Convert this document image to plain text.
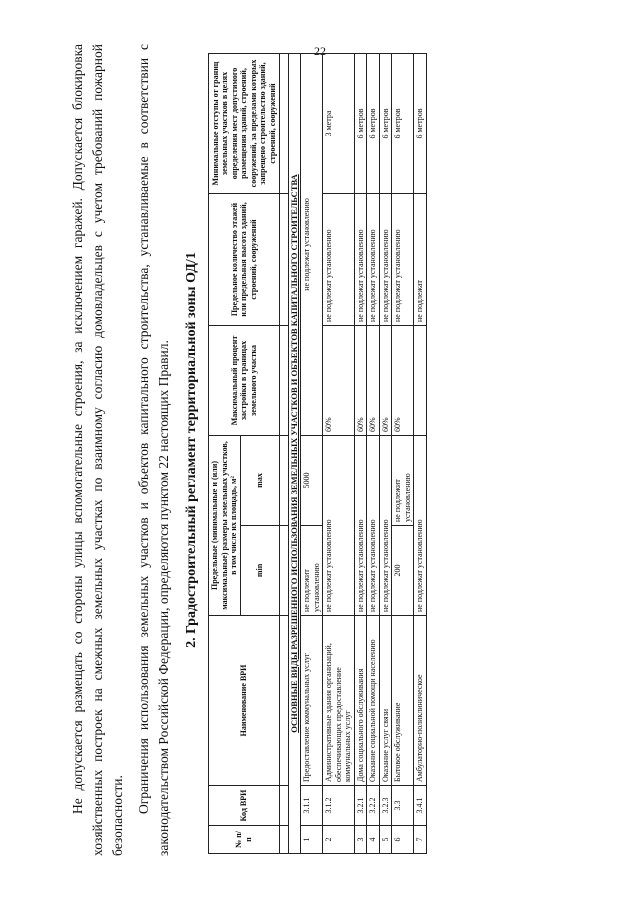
22

Не допускается размещать со стороны улицы вспомогательные строения, за исключением гаражей. Допускается блокировка хозяйственных построек на смежных земельных участках по взаимному согласию домовладельцев с учетом требований пожарной безопасности.

Ограничения использования земельных участков и объектов капитального строительства, устанавливаемые в соответствии с законодательством Российской Федерации, определяются пунктом 22 настоящих Правил. 2. Градостроительный регламент территориальной зоны ОД/1
№ п/п	Код ВРИ	Наименование ВРИ	Предельные (минимальные и (или) максимальные) размеры земельных участков, в том числе их площадь, м²		Максимальный процент застройки в границах земельного участка	Предельное количество этажей или предельная высота зданий, строений, сооружений	Минимальные отступы от границ земельных участков в целях определения мест допустимого размещения зданий, строений, сооружений, за пределами которых запрещено строительство зданий, строений, сооружений
			min	max			

ОСНОВНЫЕ ВИДЫ РАЗРЕШЕННОГО ИСПОЛЬЗОВАНИЯ ЗЕМЕЛЬНЫХ УЧАСТКОВ И ОБЪЕКТОВ КАПИТАЛЬНОГО СТРОИТЕЛЬСТВА							
1	3.1.1	Предоставление коммунальных услуг	не подлежит установлению	5000	не подлежат установлению		
2	3.1.2	Административные здания организаций, обеспечивающих предоставление коммунальных услуг	не подлежат установлению		60%	не подлежат установлению	3 метра
3	3.2.1	Дома социального обслуживания	не подлежат установлению		60%	не подлежат установлению	6 метров
4	3.2.2	Оказание социальной помощи населению	не подлежат установлению		60%	не подлежат установлению	6 метров
5	3.2.3	Оказание услуг связи	не подлежат установлению		60%	не подлежат установлению	6 метров
6	3.3	Бытовое обслуживание	200	не подлежит установлению	60%	не подлежат установлению	6 метров
7	3.4.1	Амбулаторно-поликлиническое	не подлежат установлению			не подлежат	6 метров
